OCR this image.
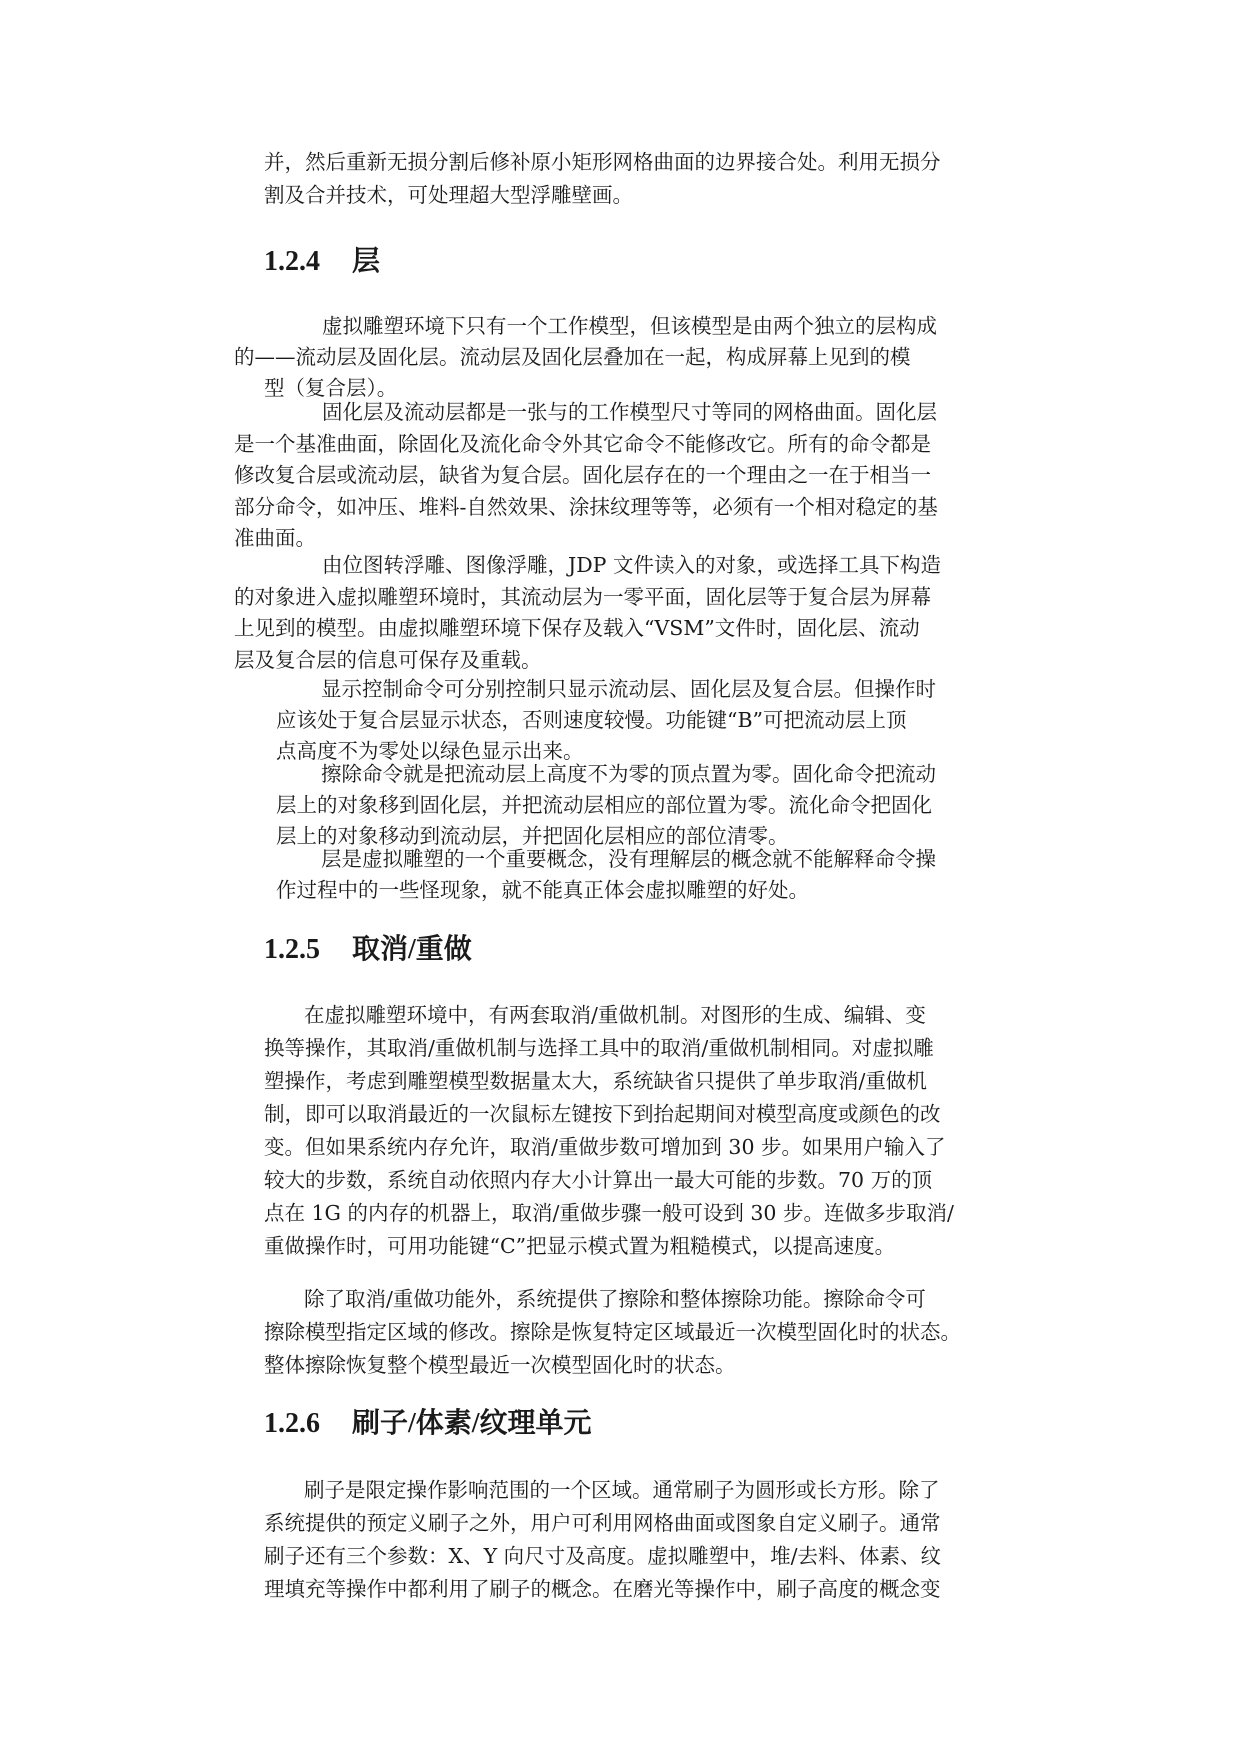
并，然后重新无损分割后修补原小矩形网格曲面的边界接合处。利用无损分
割及合并技术，可处理超大型浮雕壁画。
1.2.4 层
虚拟雕塑环境下只有一个工作模型，但该模型是由两个独立的层构成
的——流动层及固化层。流动层及固化层叠加在一起，构成屏幕上见到的模
型（复合层）。
固化层及流动层都是一张与的工作模型尺寸等同的网格曲面。固化层
是一个基准曲面，除固化及流化命令外其它命令不能修改它。所有的命令都是
修改复合层或流动层，缺省为复合层。固化层存在的一个理由之一在于相当一
部分命令，如冲压、堆料-自然效果、涂抹纹理等等，必须有一个相对稳定的基
准曲面。
由位图转浮雕、图像浮雕，JDP 文件读入的对象，或选择工具下构造
的对象进入虚拟雕塑环境时，其流动层为一零平面，固化层等于复合层为屏幕
上见到的模型。由虚拟雕塑环境下保存及载入“VSM”文件时，固化层、流动
层及复合层的信息可保存及重载。
显示控制命令可分别控制只显示流动层、固化层及复合层。但操作时
应该处于复合层显示状态，否则速度较慢。功能键“B”可把流动层上顶
点高度不为零处以绿色显示出来。
擦除命令就是把流动层上高度不为零的顶点置为零。固化命令把流动
层上的对象移到固化层，并把流动层相应的部位置为零。流化命令把固化
层上的对象移动到流动层，并把固化层相应的部位清零。
层是虚拟雕塑的一个重要概念，没有理解层的概念就不能解释命令操
作过程中的一些怪现象，就不能真正体会虚拟雕塑的好处。
1.2.5 取消/重做
在虚拟雕塑环境中，有两套取消/重做机制。对图形的生成、编辑、变
换等操作，其取消/重做机制与选择工具中的取消/重做机制相同。对虚拟雕
塑操作，考虑到雕塑模型数据量太大，系统缺省只提供了单步取消/重做机
制，即可以取消最近的一次鼠标左键按下到抬起期间对模型高度或颜色的改
变。但如果系统内存允许，取消/重做步数可增加到 30 步。如果用户输入了
较大的步数，系统自动依照内存大小计算出一最大可能的步数。70 万的顶
点在 1G 的内存的机器上，取消/重做步骤一般可设到 30 步。连做多步取消/
重做操作时，可用功能键“C”把显示模式置为粗糙模式，以提高速度。
除了取消/重做功能外，系统提供了擦除和整体擦除功能。擦除命令可
擦除模型指定区域的修改。擦除是恢复特定区域最近一次模型固化时的状态。
整体擦除恢复整个模型最近一次模型固化时的状态。
1.2.6 刷子/体素/纹理单元
刷子是限定操作影响范围的一个区域。通常刷子为圆形或长方形。除了
系统提供的预定义刷子之外，用户可利用网格曲面或图象自定义刷子。通常
刷子还有三个参数：X、Y 向尺寸及高度。虚拟雕塑中，堆/去料、体素、纹
理填充等操作中都利用了刷子的概念。在磨光等操作中，刷子高度的概念变
